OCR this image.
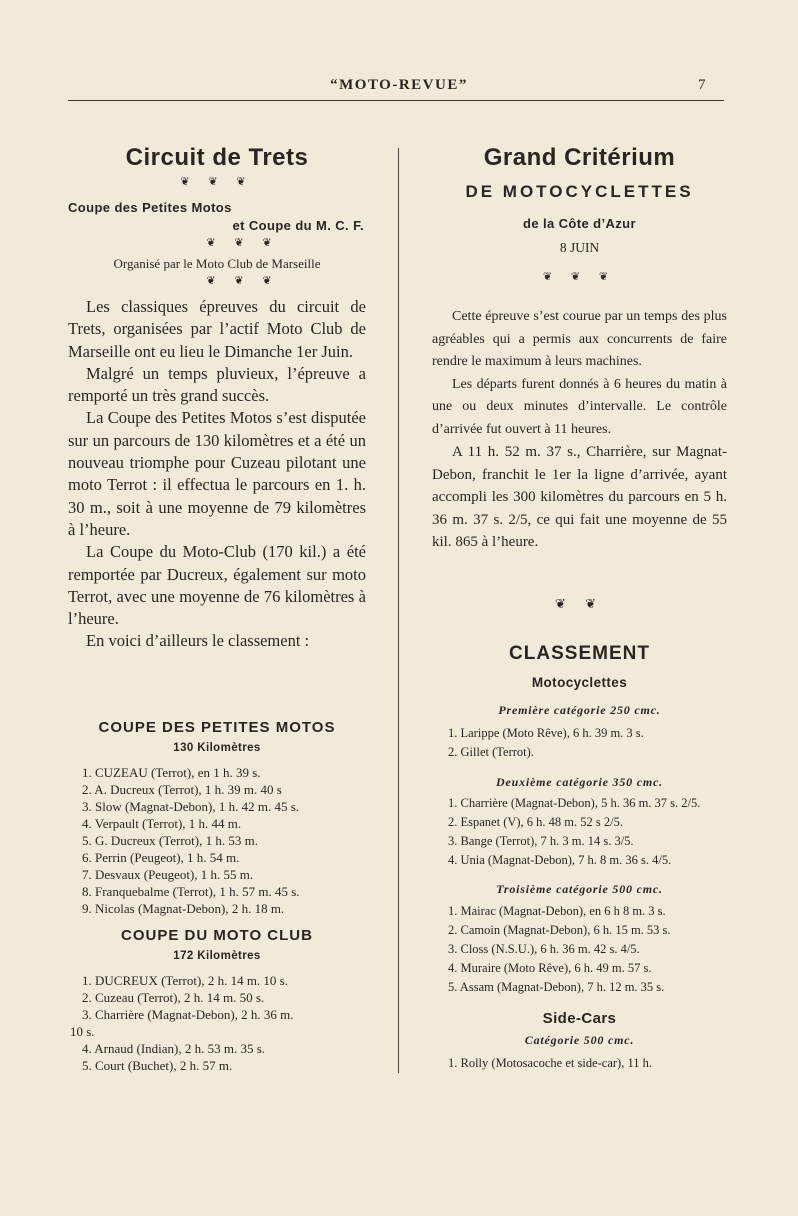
“MOTO-REVUE”	7
Circuit de Trets
❦ ❦ ❦
Coupe des Petites Motos
et Coupe du M. C. F.
❦ ❦ ❦
Organisé par le Moto Club de Marseille
❦ ❦ ❦

Les classiques épreuves du circuit de Trets, organisées par l’actif Moto Club de Marseille ont eu lieu le Dimanche 1er Juin.

Malgré un temps pluvieux, l’épreuve a remporté un très grand succès.

La Coupe des Petites Motos s’est disputée sur un parcours de 130 kilomètres et a été un nouveau triomphe pour Cuzeau pilotant une moto Terrot : il effectua le parcours en 1. h. 30 m., soit à une moyenne de 79 kilomètres à l’heure.

La Coupe du Moto-Club (170 kil.) a été remportée par Ducreux, également sur moto Terrot, avec une moyenne de 76 kilomètres à l’heure.

En voici d’ailleurs le classement :

COUPE DES PETITES MOTOS
130 Kilomètres
1. CUZEAU (Terrot), en 1 h. 39 s.
2. A. Ducreux (Terrot), 1 h. 39 m. 40 s
3. Slow (Magnat-Debon), 1 h. 42 m. 45 s.
4. Verpault (Terrot), 1 h. 44 m.
5. G. Ducreux (Terrot), 1 h. 53 m.
6. Perrin (Peugeot), 1 h. 54 m.
7. Desvaux (Peugeot), 1 h. 55 m.
8. Franquebalme (Terrot), 1 h. 57 m. 45 s.
9. Nicolas (Magnat-Debon), 2 h. 18 m.
COUPE DU MOTO CLUB
172 Kilomètres
1. DUCREUX (Terrot), 2 h. 14 m. 10 s.
2. Cuzeau (Terrot), 2 h. 14 m. 50 s.
3. Charrière (Magnat-Debon), 2 h. 36 m.
10 s.
4. Arnaud (Indian), 2 h. 53 m. 35 s.
5. Court (Buchet), 2 h. 57 m.
Grand Critérium
DE MOTOCYCLETTES
de la Côte d’Azur
8 JUIN
❦ ❦ ❦

Cette épreuve s’est courue par un temps des plus agréables qui a permis aux concurrents de faire rendre le maximum à leurs machines.

Les départs furent donnés à 6 heures du matin à une ou deux minutes d’intervalle. Le contrôle d’arrivée fut ouvert à 11 heures.

A 11 h. 52 m. 37 s., Charrière, sur Magnat-Debon, franchit le 1er la ligne d’arrivée, ayant accompli les 300 kilomètres du parcours en 5 h. 36 m. 37 s. 2/5, ce qui fait une moyenne de 55 kil. 865 à l’heure.

❦ ❦
CLASSEMENT
Motocyclettes
Première catégorie 250 cmc.
1. Larippe (Moto Rêve), 6 h. 39 m. 3 s.
2. Gillet (Terrot).
Deuxième catégorie 350 cmc.
1. Charrière (Magnat-Debon), 5 h. 36 m. 37 s. 2/5.
2. Espanet (V), 6 h. 48 m. 52 s 2/5.
3. Bange (Terrot), 7 h. 3 m. 14 s. 3/5.
4. Unia (Magnat-Debon), 7 h. 8 m. 36 s. 4/5.
Troisième catégorie 500 cmc.
1. Mairac (Magnat-Debon), en 6 h 8 m. 3 s.
2. Camoin (Magnat-Debon), 6 h. 15 m. 53 s.
3. Closs (N.S.U.), 6 h. 36 m. 42 s. 4/5.
4. Muraire (Moto Rêve), 6 h. 49 m. 57 s.
5. Assam (Magnat-Debon), 7 h. 12 m. 35 s.
Side-Cars
Catégorie 500 cmc.
1. Rolly (Motosacoche et side-car), 11 h.
